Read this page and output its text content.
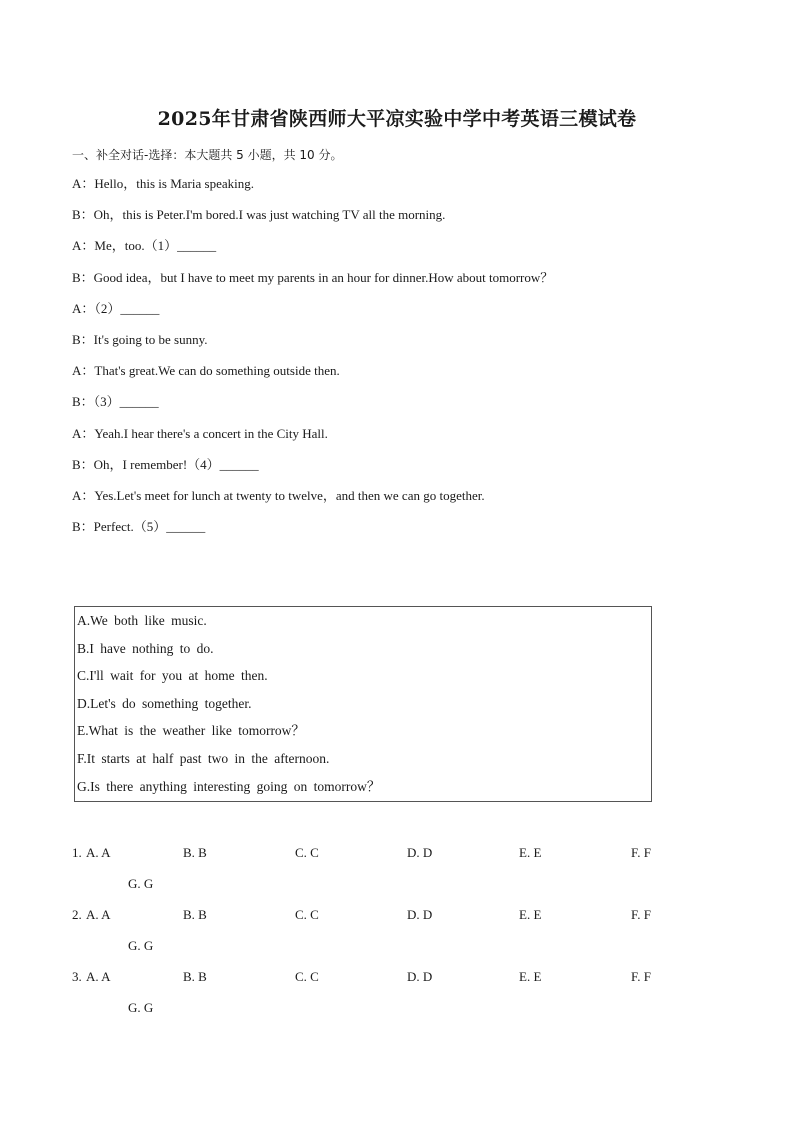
2025年甘肃省陕西师大平凉实验中学中考英语三模试卷
一、补全对话-选择：本大题共 5 小题，共 10 分。
A：Hello，this is Maria speaking.
B：Oh，this is Peter.I'm bored.I was just watching TV all the morning.
A：Me，too.（1）______
B：Good idea，but I have to meet my parents in an hour for dinner.How about tomorrow？
A：（2）______
B：It's going to be sunny.
A：That's great.We can do something outside then.
B：（3）______
A：Yeah.I hear there's a concert in the City Hall.
B：Oh，I remember!（4）______
A：Yes.Let's meet for lunch at twenty to twelve，and then we can go together.
B：Perfect.（5）______
A.We both like music.
B.I have nothing to do.
C.I'll wait for you at home then.
D.Let's do something together.
E.What is the weather like tomorrow？
F.It starts at half past two in the afternoon.
G.Is there anything interesting going on tomorrow？
1. A. A	B. B	C. C	D. D	E. E	F. F
G. G
2. A. A	B. B	C. C	D. D	E. E	F. F
G. G
3. A. A	B. B	C. C	D. D	E. E	F. F
G. G
